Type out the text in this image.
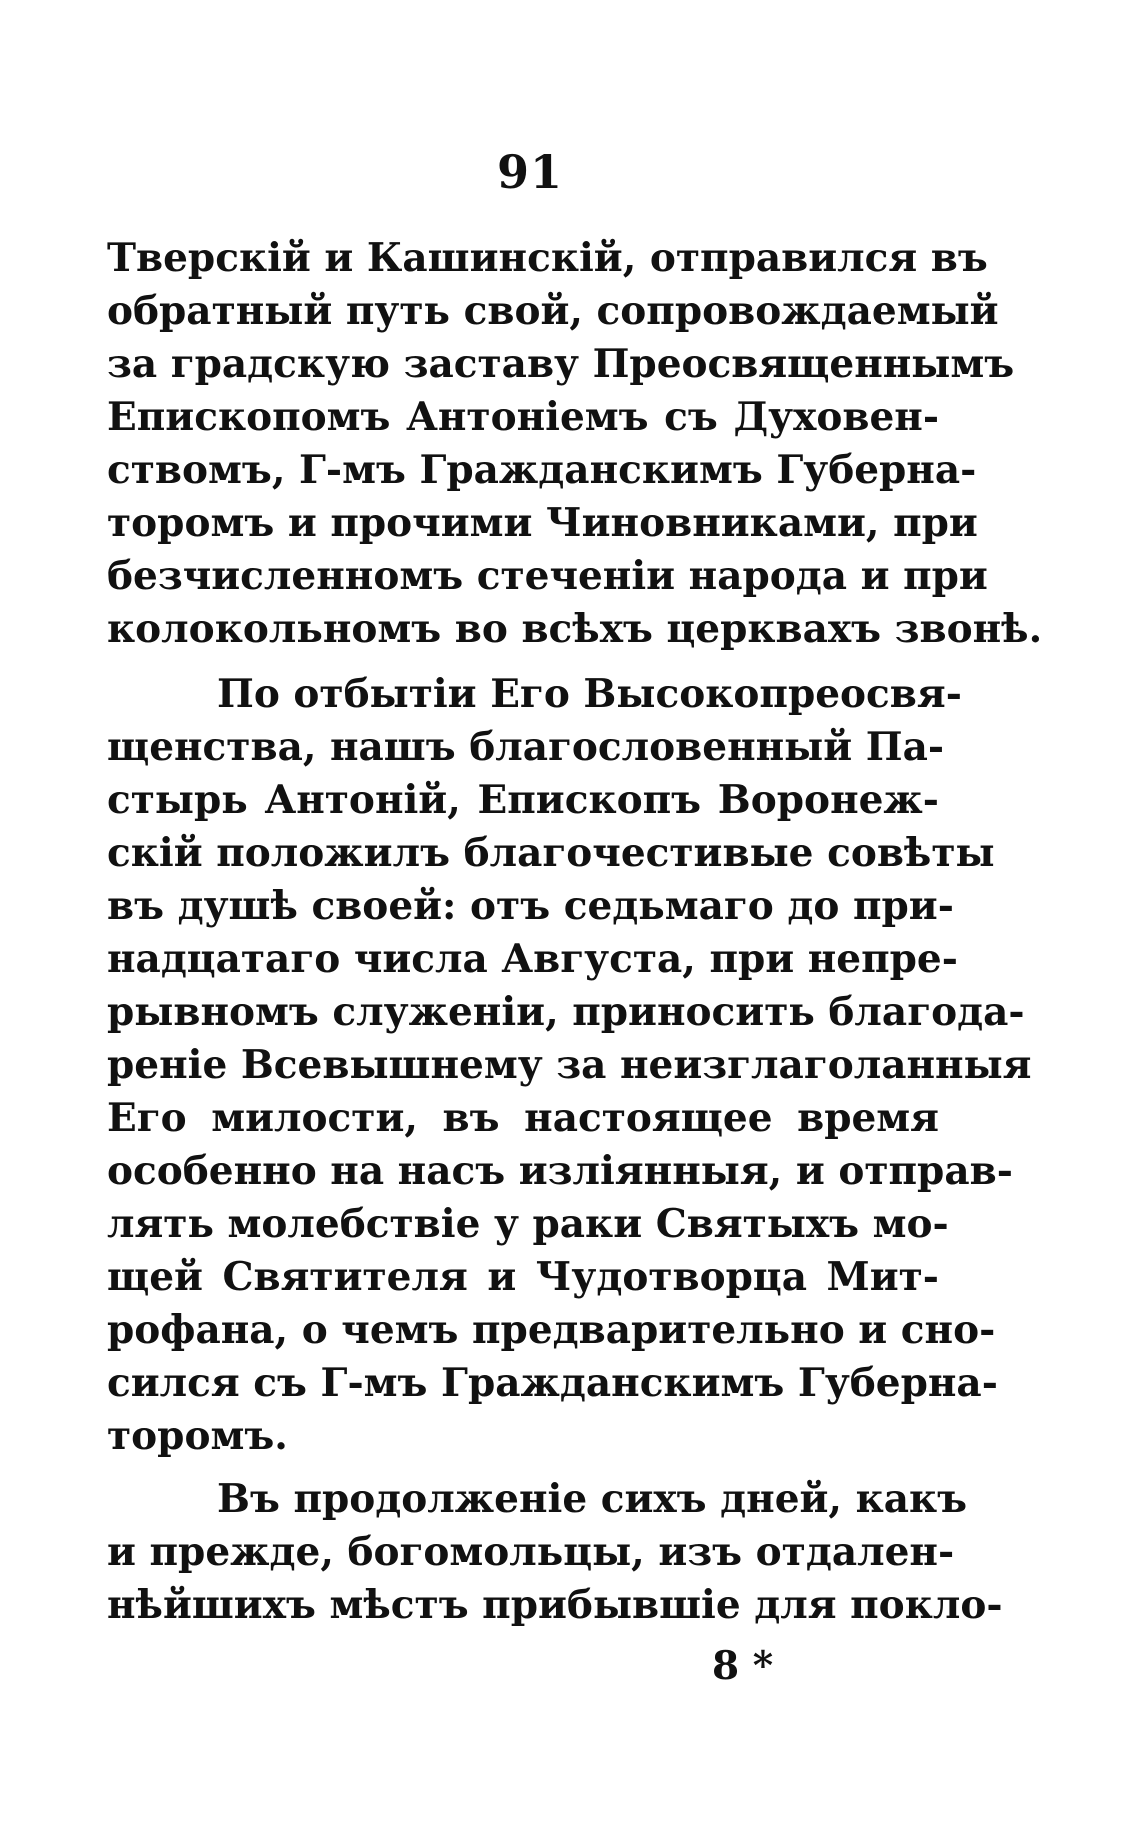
91
Тверскій и Кашинскій, отправился въ
обратный путь свой, сопровождаемый
за градскую заставу Преосвященнымъ
Епископомъ Антоніемъ съ Духовен-
ствомъ, Г-мъ Гражданскимъ Губерна-
торомъ и прочими Чиновниками, при
безчисленномъ стеченіи народа и при
колокольномъ во всѣхъ церквахъ звонѣ.
По отбытіи Его Высокопреосвя-
щенства, нашъ благословенный Па-
стырь Антоній, Епископъ Воронеж-
скій положилъ благочестивые совѣты
въ душѣ своей: отъ седьмаго до при-
надцатаго числа Августа, при непре-
рывномъ служеніи, приносить благода-
реніе Всевышнему за неизглаголанныя
Его милости, въ настоящее время
особенно на насъ изліянныя, и отправ-
лять молебствіе у раки Святыхъ мо-
щей Святителя и Чудотворца Мит-
рофана, о чемъ предварительно и сно-
сился съ Г-мъ Гражданскимъ Губерна-
торомъ.
Въ продолженіе сихъ дней, какъ
и прежде, богомольцы, изъ отдален-
нѣйшихъ мѣстъ прибывшіе для покло-
8 *
